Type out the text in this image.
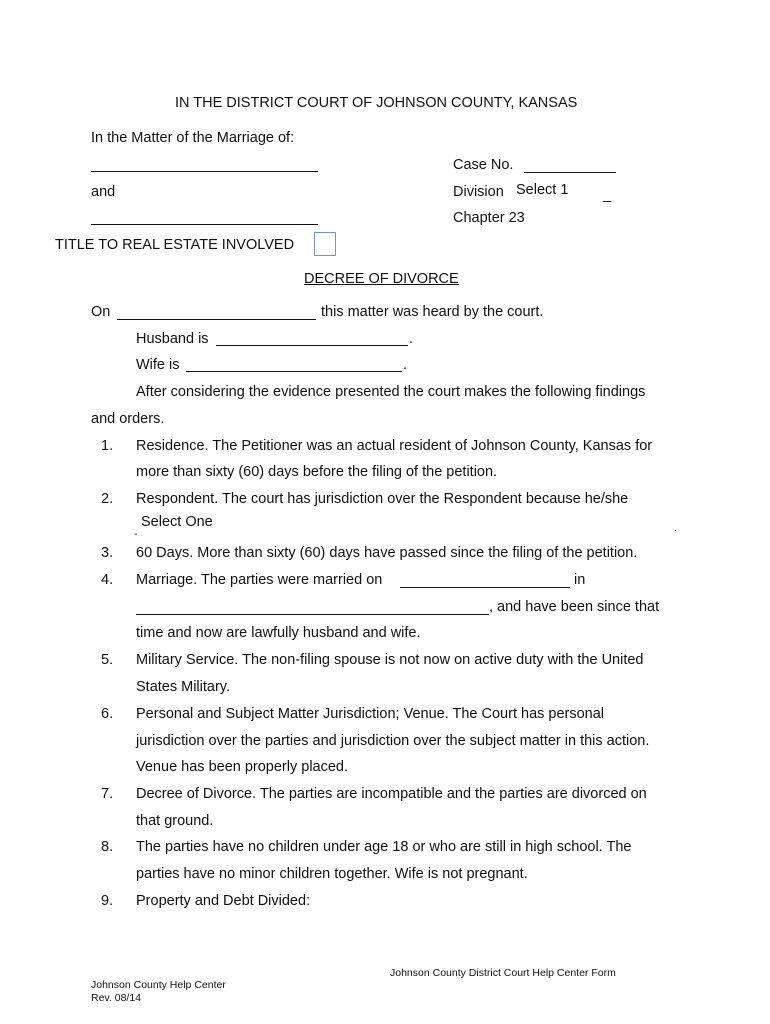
IN THE DISTRICT COURT OF JOHNSON COUNTY, KANSAS
In the Matter of the Marriage of:
and
Case No.
Division Select 1 _
Chapter 23
TITLE TO REAL ESTATE INVOLVED
DECREE OF DIVORCE
On	this matter was heard by the court.
Husband is	.
Wife is	.
After considering the evidence presented the court makes the following findings
and orders.
1. Residence. The Petitioner was an actual resident of Johnson County, Kansas for
more than sixty (60) days before the filing of the petition.
2. Respondent. The court has jurisdiction over the Respondent because he/she
Select One
-	.
3. 60 Days. More than sixty (60) days have passed since the filing of the petition.
4. Marriage. The parties were married on	in
, and have been since that
time and now are lawfully husband and wife.
5. Military Service. The non-filing spouse is not now on active duty with the United
States Military.
6. Personal and Subject Matter Jurisdiction; Venue. The Court has personal
jurisdiction over the parties and jurisdiction over the subject matter in this action.
Venue has been properly placed.
7. Decree of Divorce. The parties are incompatible and the parties are divorced on
that ground.
8. The parties have no children under age 18 or who are still in high school. The
parties have no minor children together. Wife is not pregnant.
9. Property and Debt Divided:
Johnson County District Court Help Center Form
Johnson County Help Center
Rev. 08/14
